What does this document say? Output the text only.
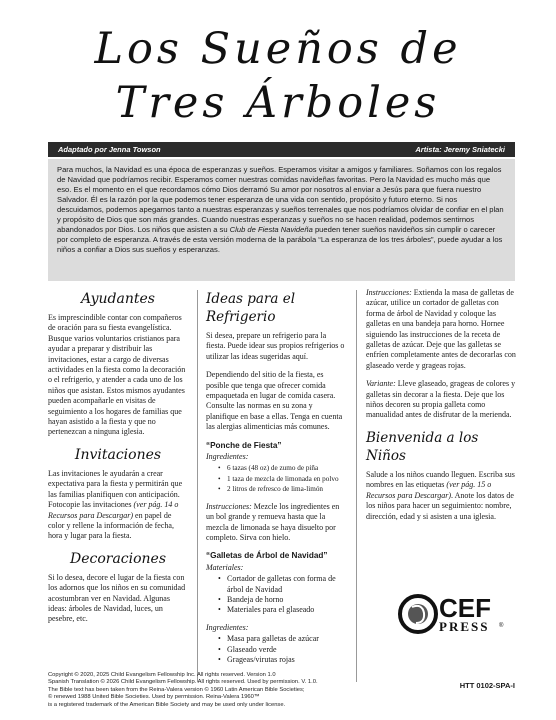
Los Sueños de
Tres Árboles
Adaptado por Jenna Towson	Artista: Jeremy Sniatecki
Para muchos, la Navidad es una época de esperanzas y sueños. Esperamos visitar a amigos y familiares. Soñamos con los regalos de Navidad que podríamos recibir. Esperamos comer nuestras comidas navideñas favoritas. Pero la Navidad es mucho más que eso. Es el momento en el que recordamos cómo Dios derramó Su amor por nosotros al enviar a Jesús para que fuera nuestro Salvador. Él es la razón por la que podemos tener esperanza de una vida con sentido, propósito y futuro eterno. Si nos descuidamos, podemos apegarnos tanto a nuestras esperanzas y sueños terrenales que nos podríamos olvidar de confiar en el plan y propósito de Dios que son más grandes. Cuando nuestras esperanzas y sueños no se hacen realidad, podemos sentirnos abandonados por Dios. Los niños que asisten a su Club de Fiesta Navideña pueden tener sueños navideños sin cumplir o carecer por completo de esperanza. A través de esta versión moderna de la parábola “La esperanza de los tres árboles”, puede ayudar a los niños a confiar a Dios sus sueños y esperanzas.
Ayudantes

Es imprescindible contar con compañeros de oración para su fiesta evangelística. Busque varios voluntarios cristianos para ayudar a preparar y distribuir las invitaciones, estar a cargo de diversas actividades en la fiesta como la decoración o el refrigerio, y atender a cada uno de los niños que asistan. Estos mismos ayudantes pueden acompañarle en visitas de seguimiento a los hogares de familias que hayan asistido a la fiesta y que no pertenezcan a ninguna iglesia.

Invitaciones

Las invitaciones le ayudarán a crear expectativa para la fiesta y permitirán que las familias planifiquen con anticipación. Fotocopie las invitaciones (ver pág. 14 o Recursos para Descargar) en papel de color y rellene la información de fecha, hora y lugar para la fiesta.

Decoraciones

Si lo desea, decore el lugar de la fiesta con los adornos que los niños en su comunidad acostumbran ver en Navidad. Algunas ideas: árboles de Navidad, luces, un pesebre, etc.

Ideas para el Refrigerio

Si desea, prepare un refrigerio para la fiesta. Puede idear sus propios refrigerios o utilizar las ideas sugeridas aquí.

Dependiendo del sitio de la fiesta, es posible que tenga que ofrecer comida empaquetada en lugar de comida casera. Consulte las normas en su zona y planifique en base a ellas. Tenga en cuenta las alergias alimenticias más comunes.

“Ponche de Fiesta”
Ingredientes:
• 6 tazas (48 oz) de zumo de piña
• 1 taza de mezcla de limonada en polvo
• 2 litros de refresco de lima-limón

Instrucciones: Mezcle los ingredientes en un bol grande y remueva hasta que la mezcla de limonada se haya disuelto por completo. Sirva con hielo.

“Galletas de Árbol de Navidad”
Materiales:
• Cortador de galletas con forma de árbol de Navidad
• Bandeja de horno
• Materiales para el glaseado
Ingredientes:
• Masa para galletas de azúcar
• Glaseado verde
• Grageas/virutas rojas

Instrucciones: Extienda la masa de galletas de azúcar, utilice un cortador de galletas con forma de árbol de Navidad y coloque las galletas en una bandeja para horno. Hornee siguiendo las instrucciones de la receta de galletas de azúcar. Deje que las galletas se enfríen completamente antes de decorarlas con glaseado verde y grageas rojas.

Variante: Lleve glaseado, grageas de colores y galletas sin decorar a la fiesta. Deje que los niños decoren su propia galleta como manualidad antes de disfrutar de la merienda.

Bienvenida a los Niños

Salude a los niños cuando lleguen. Escriba sus nombres en las etiquetas (ver pág. 15 o Recursos para Descargar). Anote los datos de los niños para hacer un seguimiento: nombre, dirección, edad y si asisten a una iglesia.

CEF
PRESS ®
Copyright © 2020, 2025 Child Evangelism Fellowship Inc. All rights reserved. Version 1.0
Spanish Translation © 2026 Child Evangelism Fellowship. All rights reserved. Used by permission. V. 1.0.
The Bible text has been taken from the Reina-Valera version © 1960 Latin American Bible Societies;
© renewed 1988 United Bible Societies. Used by permission. Reina-Valera 1960™
is a registered trademark of the American Bible Society and may be used only under license.
HTT 0102-SPA-I
